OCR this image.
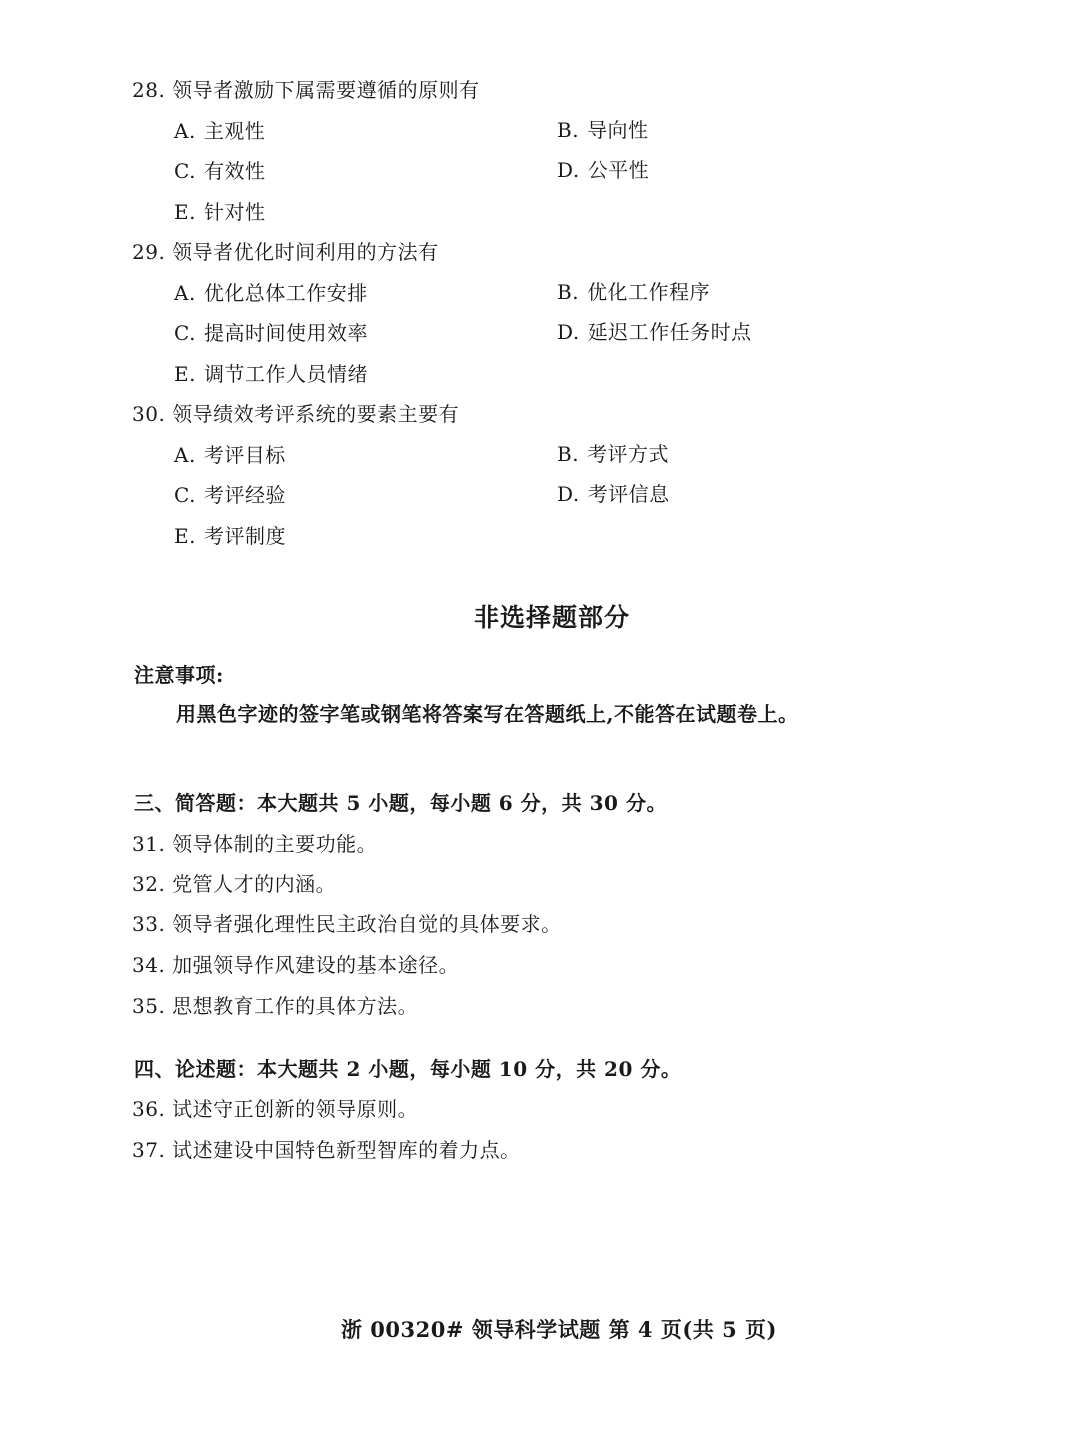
28. 领导者激励下属需要遵循的原则有
A. 主观性	B. 导向性
C. 有效性	D. 公平性
E. 针对性
29. 领导者优化时间利用的方法有
A. 优化总体工作安排	B. 优化工作程序
C. 提高时间使用效率	D. 延迟工作任务时点
E. 调节工作人员情绪
30. 领导绩效考评系统的要素主要有
A. 考评目标	B. 考评方式
C. 考评经验	D. 考评信息
E. 考评制度
非选择题部分
注意事项:
用黑色字迹的签字笔或钢笔将答案写在答题纸上,不能答在试题卷上。
三、简答题：本大题共 5 小题，每小题 6 分，共 30 分。
31. 领导体制的主要功能。
32. 党管人才的内涵。
33. 领导者强化理性民主政治自觉的具体要求。
34. 加强领导作风建设的基本途径。
35. 思想教育工作的具体方法。
四、论述题：本大题共 2 小题，每小题 10 分，共 20 分。
36. 试述守正创新的领导原则。
37. 试述建设中国特色新型智库的着力点。
浙 00320# 领导科学试题 第 4 页(共 5 页)
